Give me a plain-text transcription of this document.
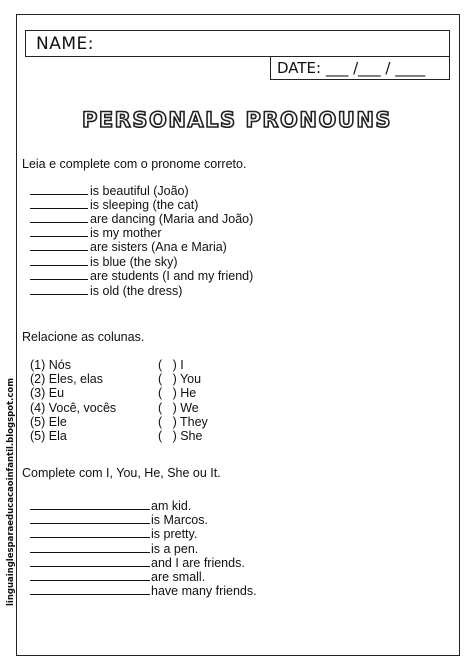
NAME:
DATE: ___ /___ / ____
PERSONALS PRONOUNS
Leia e complete com o pronome correto.
is beautiful (João)
is sleeping (the cat)
are dancing (Maria and João)
is my mother
are sisters (Ana e Maria)
is blue (the sky)
are students (I and my friend)
is old (the dress)
Relacione as colunas.
(1) Nós
(2) Eles, elas
(3) Eu
(4) Você, vocês
(5) Ele
(5) Ela
(   ) I
(   ) You
(   ) He
(   ) We
(   ) They
(   ) She
Complete com I, You, He, She ou It.
am kid.
is Marcos.
is pretty.
is a pen.
and I are friends.
are small.
have many friends.
linguainglesparaeducacaoinfantil.blogspot.com
